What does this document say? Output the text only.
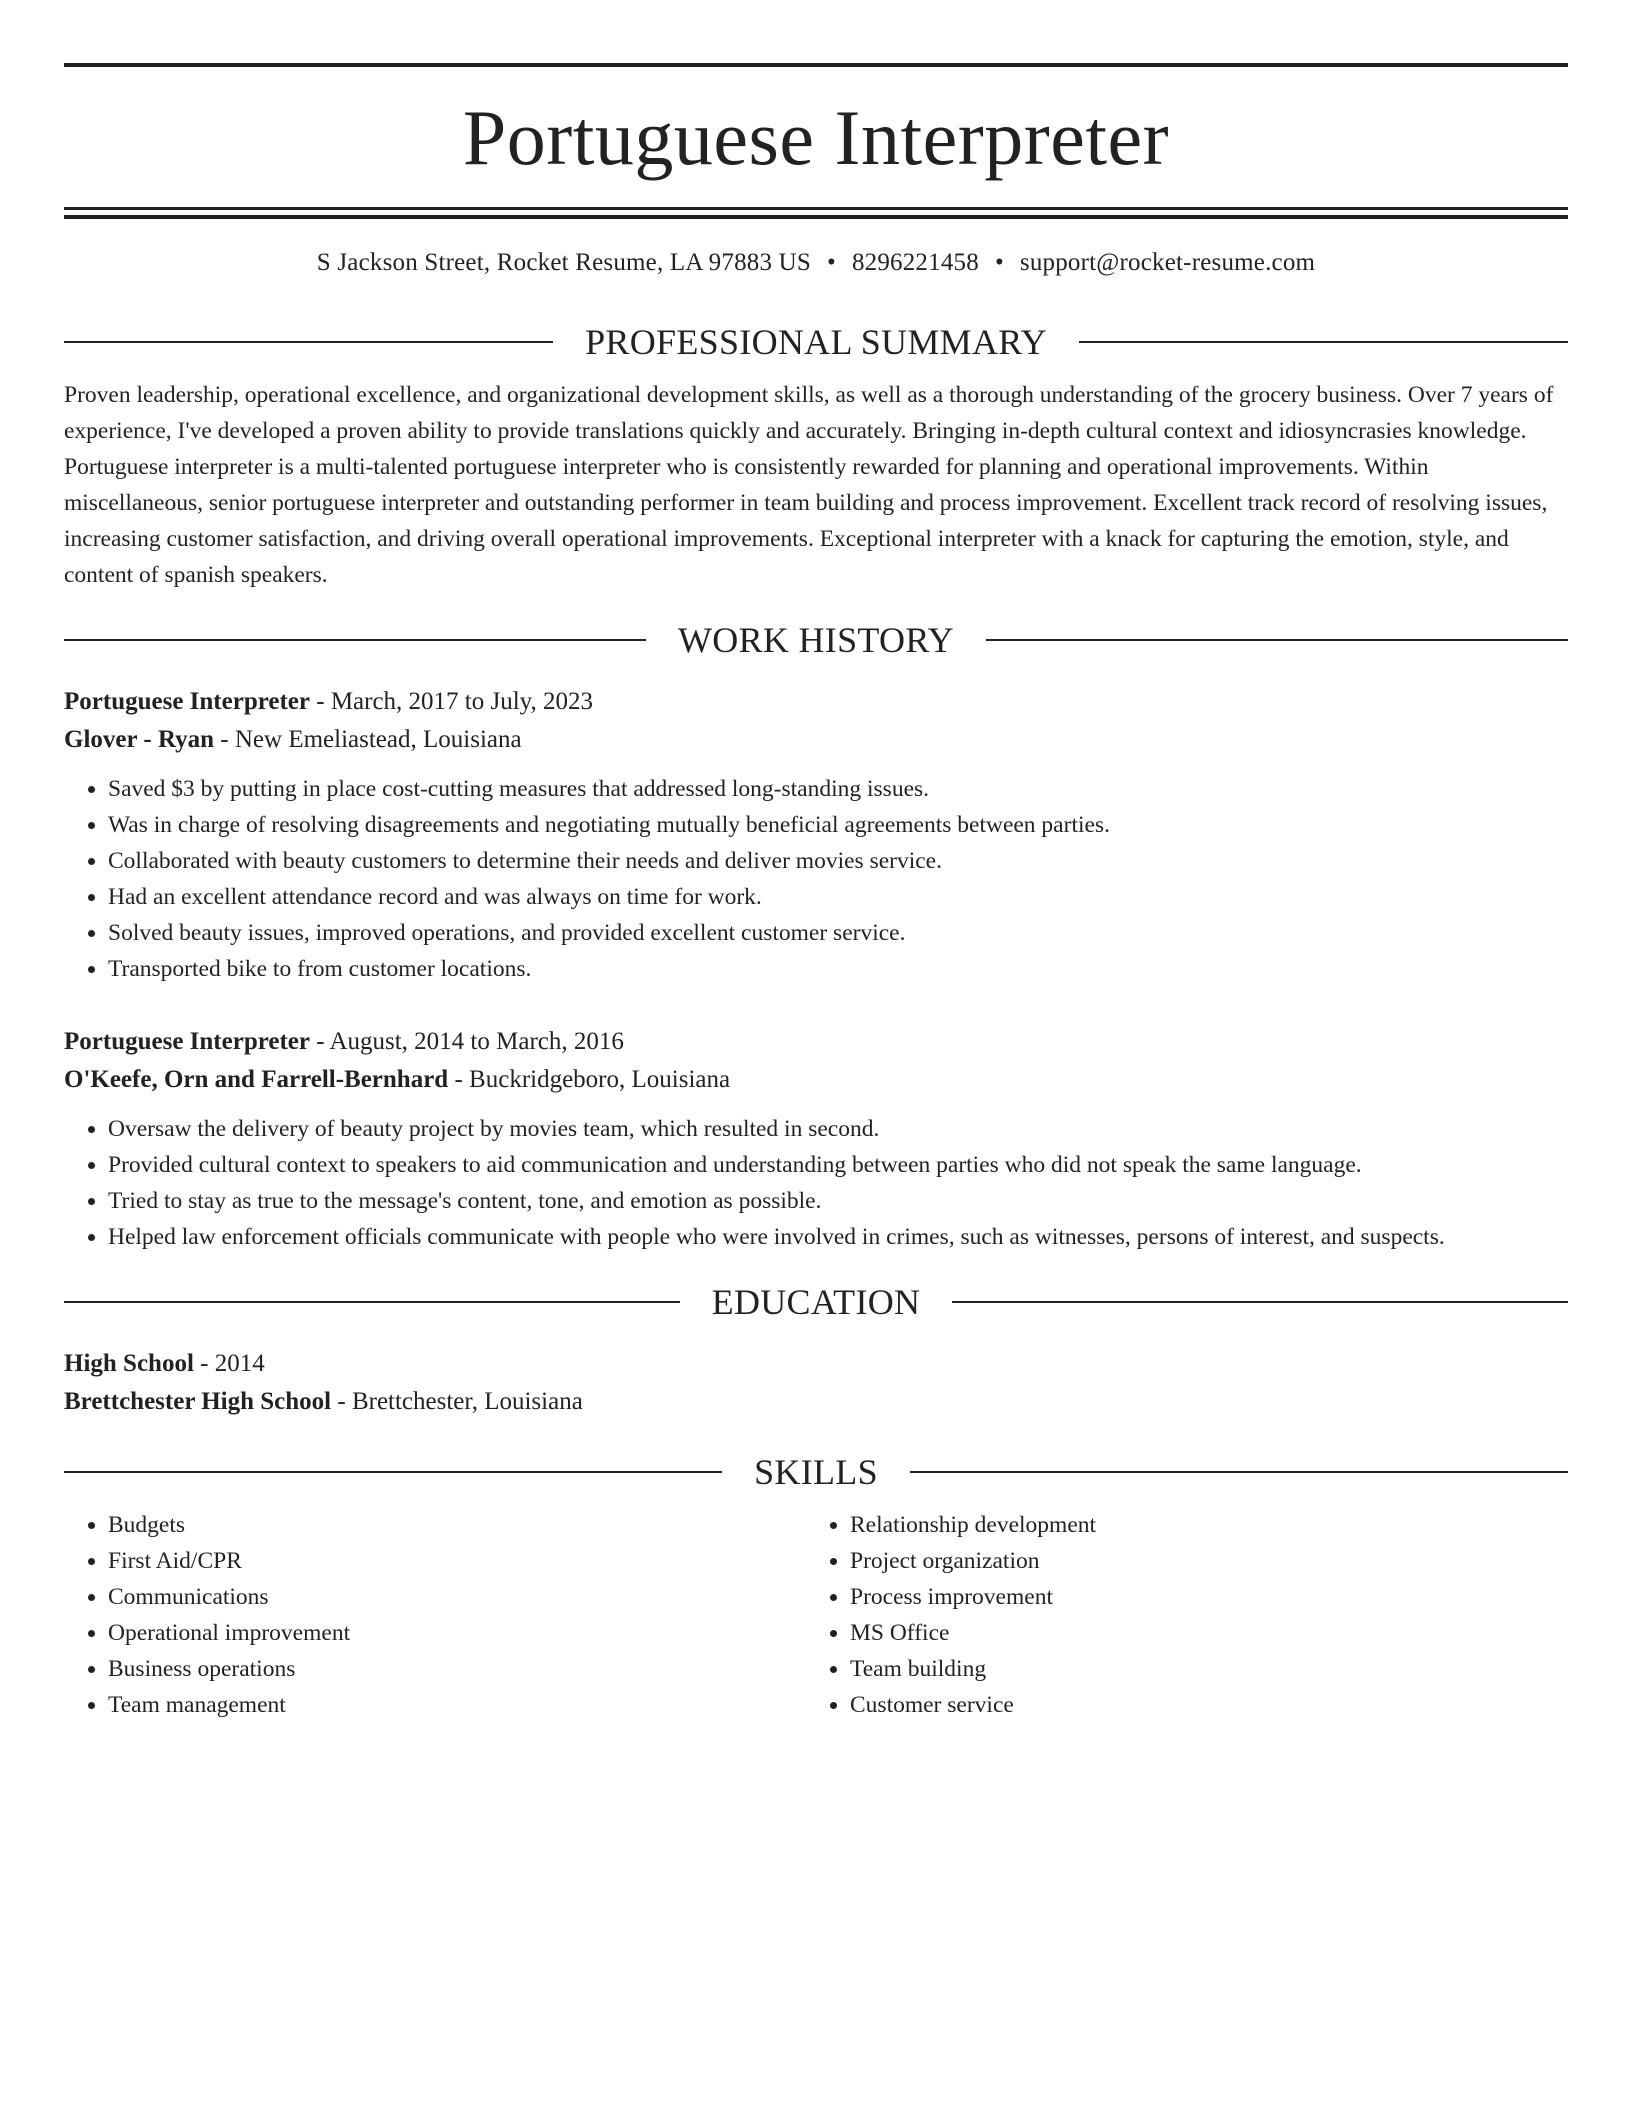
Portuguese Interpreter
S Jackson Street, Rocket Resume, LA 97883 US • 8296221458 • support@rocket-resume.com
PROFESSIONAL SUMMARY
Proven leadership, operational excellence, and organizational development skills, as well as a thorough understanding of the grocery business. Over 7 years of experience, I've developed a proven ability to provide translations quickly and accurately. Bringing in-depth cultural context and idiosyncrasies knowledge. Portuguese interpreter is a multi-talented portuguese interpreter who is consistently rewarded for planning and operational improvements. Within miscellaneous, senior portuguese interpreter and outstanding performer in team building and process improvement. Excellent track record of resolving issues, increasing customer satisfaction, and driving overall operational improvements. Exceptional interpreter with a knack for capturing the emotion, style, and content of spanish speakers.
WORK HISTORY
Portuguese Interpreter - March, 2017 to July, 2023
Glover - Ryan - New Emeliastead, Louisiana
• Saved $3 by putting in place cost-cutting measures that addressed long-standing issues.
• Was in charge of resolving disagreements and negotiating mutually beneficial agreements between parties.
• Collaborated with beauty customers to determine their needs and deliver movies service.
• Had an excellent attendance record and was always on time for work.
• Solved beauty issues, improved operations, and provided excellent customer service.
• Transported bike to from customer locations.
Portuguese Interpreter - August, 2014 to March, 2016
O'Keefe, Orn and Farrell-Bernhard - Buckridgeboro, Louisiana
• Oversaw the delivery of beauty project by movies team, which resulted in second.
• Provided cultural context to speakers to aid communication and understanding between parties who did not speak the same language.
• Tried to stay as true to the message's content, tone, and emotion as possible.
• Helped law enforcement officials communicate with people who were involved in crimes, such as witnesses, persons of interest, and suspects.
EDUCATION
High School - 2014
Brettchester High School - Brettchester, Louisiana
SKILLS
• Budgets
• First Aid/CPR
• Communications
• Operational improvement
• Business operations
• Team management
• Relationship development
• Project organization
• Process improvement
• MS Office
• Team building
• Customer service
